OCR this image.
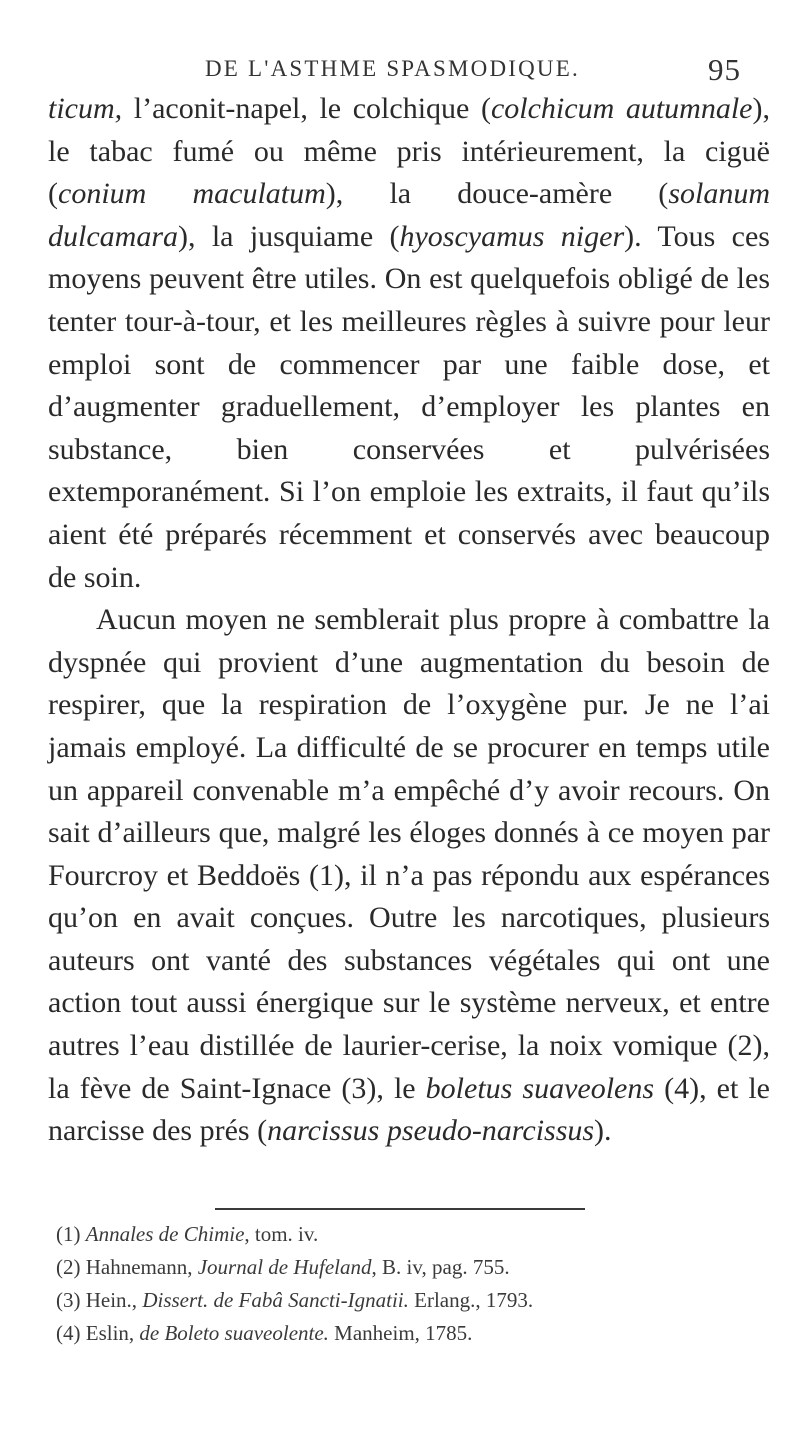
DE L'ASTHME SPASMODIQUE.	95

ticum, l’aconit-napel, le colchique (colchicum autumnale), le tabac fumé ou même pris intérieurement, la ciguë (conium maculatum), la douce-amère (solanum dulcamara), la jusquiame (hyoscyamus niger). Tous ces moyens peuvent être utiles. On est quelquefois obligé de les tenter tour-à-tour, et les meilleures règles à suivre pour leur emploi sont de commencer par une faible dose, et d’augmenter graduellement, d’employer les plantes en substance, bien conservées et pulvérisées extemporanément. Si l’on emploie les extraits, il faut qu’ils aient été préparés récemment et conservés avec beaucoup de soin.

Aucun moyen ne semblerait plus propre à combattre la dyspnée qui provient d’une augmentation du besoin de respirer, que la respiration de l’oxygène pur. Je ne l’ai jamais employé. La difficulté de se procurer en temps utile un appareil convenable m’a empêché d’y avoir recours. On sait d’ailleurs que, malgré les éloges donnés à ce moyen par Fourcroy et Beddoës (1), il n’a pas répondu aux espérances qu’on en avait conçues. Outre les narcotiques, plusieurs auteurs ont vanté des substances végétales qui ont une action tout aussi énergique sur le système nerveux, et entre autres l’eau distillée de laurier-cerise, la noix vomique (2), la fève de Saint-Ignace (3), le boletus suaveolens (4), et le narcisse des prés (narcissus pseudo-narcissus).

(1) Annales de Chimie, tom. iv.

(2) Hahnemann, Journal de Hufeland, B. iv, pag. 755.

(3) Hein., Dissert. de Fabâ Sancti-Ignatii. Erlang., 1793.

(4) Eslin, de Boleto suaveolente. Manheim, 1785.
